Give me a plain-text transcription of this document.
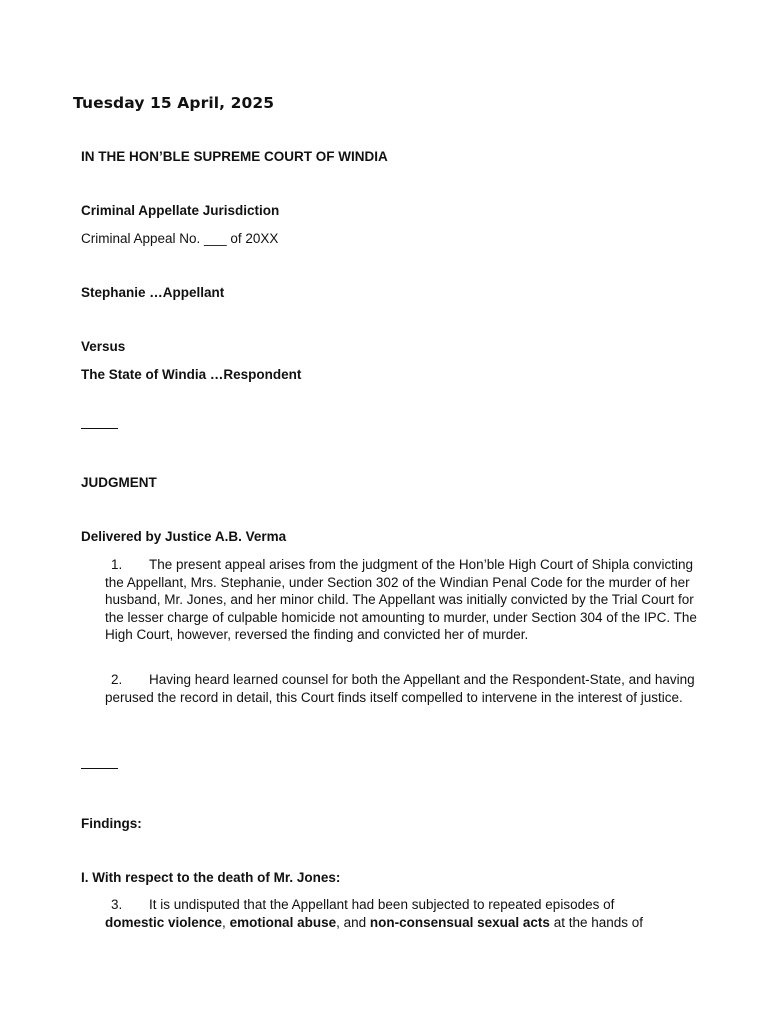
Tuesday 15 April, 2025
IN THE HON’BLE SUPREME COURT OF WINDIA
Criminal Appellate Jurisdiction
Criminal Appeal No. ___ of 20XX
Stephanie …Appellant
Versus
The State of Windia …Respondent
JUDGMENT
Delivered by Justice A.B. Verma
1. The present appeal arises from the judgment of the Hon’ble High Court of Shipla convicting the Appellant, Mrs. Stephanie, under Section 302 of the Windian Penal Code for the murder of her husband, Mr. Jones, and her minor child. The Appellant was initially convicted by the Trial Court for the lesser charge of culpable homicide not amounting to murder, under Section 304 of the IPC. The High Court, however, reversed the finding and convicted her of murder.
2. Having heard learned counsel for both the Appellant and the Respondent-State, and having perused the record in detail, this Court finds itself compelled to intervene in the interest of justice.
Findings:
I. With respect to the death of Mr. Jones:
3. It is undisputed that the Appellant had been subjected to repeated episodes of
domestic violence, emotional abuse, and non-consensual sexual acts at the hands of
